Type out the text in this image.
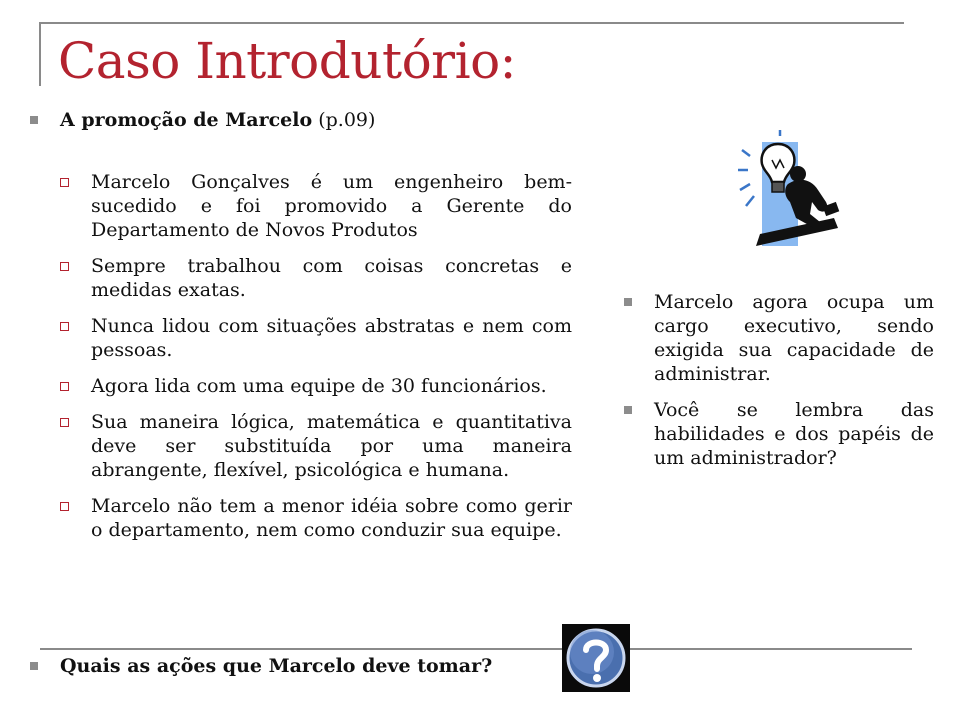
Caso Introdutório:
A promoção de Marcelo (p.09)
Marcelo Gonçalves é um engenheiro bem-sucedido e foi promovido a Gerente do Departamento de Novos Produtos
Sempre trabalhou com coisas concretas e medidas exatas.
Nunca lidou com situações abstratas e nem com pessoas.
Agora lida com uma equipe de 30 funcionários.
Sua maneira lógica, matemática e quantitativa deve ser substituída por uma maneira abrangente, flexível, psicológica e humana.
Marcelo não tem a menor idéia sobre como gerir o departamento, nem como conduzir sua equipe.
Marcelo agora ocupa um cargo executivo, sendo exigida sua capacidade de administrar.
Você se lembra das habilidades e dos papéis de um administrador?
Quais as ações que Marcelo deve tomar?
